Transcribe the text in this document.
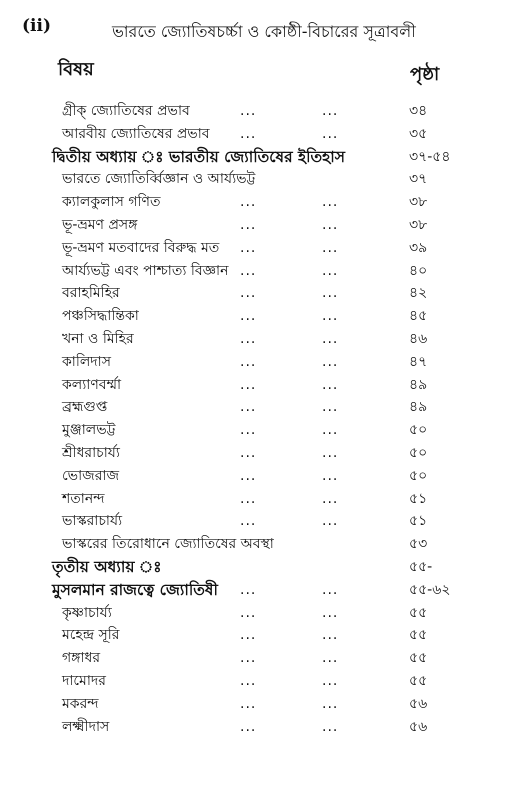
(ii)	ভারতে জ্যোতিষচর্চ্চা ও কোষ্ঠী-বিচারের সূত্রাবলী
বিষয়	পৃষ্ঠা
গ্রীক্ জ্যোতিষের প্রভাব	...	...	৩৪
আরবীয় জ্যোতিষের প্রভাব ...	...	৩৫
দ্বিতীয় অধ্যায় ঃ ভারতীয় জ্যোতিষের ইতিহাস	৩৭-৫৪
ভারতে জ্যোতির্ব্বিজ্ঞান ও আর্য্যভট্ট	৩৭
ক্যালকুলাস গণিত	...	...	৩৮
ভূ-ভ্রমণ প্রসঙ্গ	...	...	৩৮
ভূ-ভ্রমণ মতবাদের বিরুদ্ধ মত ...	...	৩৯
আর্য্যভট্ট এবং পাশ্চাত্য বিজ্ঞান ...	...	৪০
বরাহমিহির	...	...	৪২
পঞ্চসিদ্ধান্তিকা	...	...	৪৫
খনা ও মিহির	...	...	৪৬
কালিদাস	...	...	৪৭
কল্যাণবর্ম্মা	...	...	৪৯
ব্রহ্মগুপ্ত	...	...	৪৯
মুঞ্জালভট্ট	...	...	৫০
শ্রীধরাচার্য্য	...	...	৫০
ভোজরাজ	...	...	৫০
শতানন্দ	...	...	৫১
ভাস্করাচার্য্য	...	...	৫১
ভাস্করের তিরোধানে জ্যোতিষের অবস্থা	৫৩
তৃতীয় অধ্যায় ঃ	৫৫-
মুসলমান রাজত্বে জ্যোতিষী ...	...	৫৫-৬২
কৃষ্ণাচার্য্য	...	...	৫৫
মহেন্দ্র সূরি	...	...	৫৫
গঙ্গাধর	...	...	৫৫
দামোদর	...	...	৫৫
মকরন্দ	...	...	৫৬
লক্ষ্মীদাস	...	...	৫৬
